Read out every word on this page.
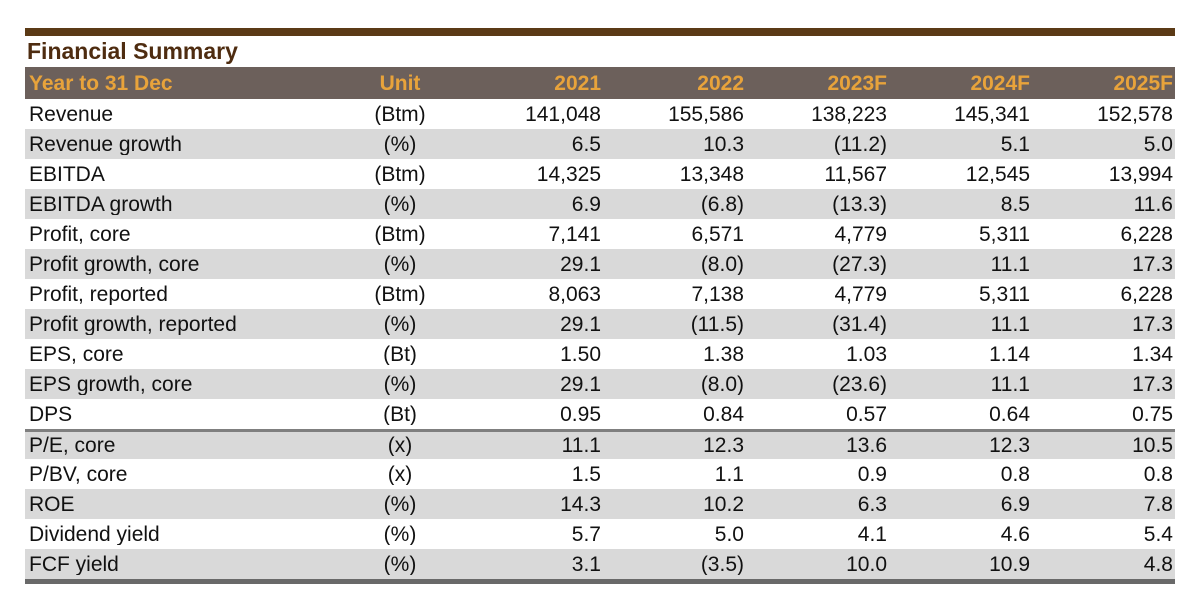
Financial Summary
Year to 31 Dec	Unit	2021	2022	2023F	2024F	2025F
Revenue	(Btm)	141,048	155,586	138,223	145,341	152,578
Revenue growth	(%)	6.5	10.3	(11.2)	5.1	5.0
EBITDA	(Btm)	14,325	13,348	11,567	12,545	13,994
EBITDA growth	(%)	6.9	(6.8)	(13.3)	8.5	11.6
Profit, core	(Btm)	7,141	6,571	4,779	5,311	6,228
Profit growth, core	(%)	29.1	(8.0)	(27.3)	11.1	17.3
Profit, reported	(Btm)	8,063	7,138	4,779	5,311	6,228
Profit growth, reported	(%)	29.1	(11.5)	(31.4)	11.1	17.3
EPS, core	(Bt)	1.50	1.38	1.03	1.14	1.34
EPS growth, core	(%)	29.1	(8.0)	(23.6)	11.1	17.3
DPS	(Bt)	0.95	0.84	0.57	0.64	0.75
P/E, core	(x)	11.1	12.3	13.6	12.3	10.5
P/BV, core	(x)	1.5	1.1	0.9	0.8	0.8
ROE	(%)	14.3	10.2	6.3	6.9	7.8
Dividend yield	(%)	5.7	5.0	4.1	4.6	5.4
FCF yield	(%)	3.1	(3.5)	10.0	10.9	4.8
